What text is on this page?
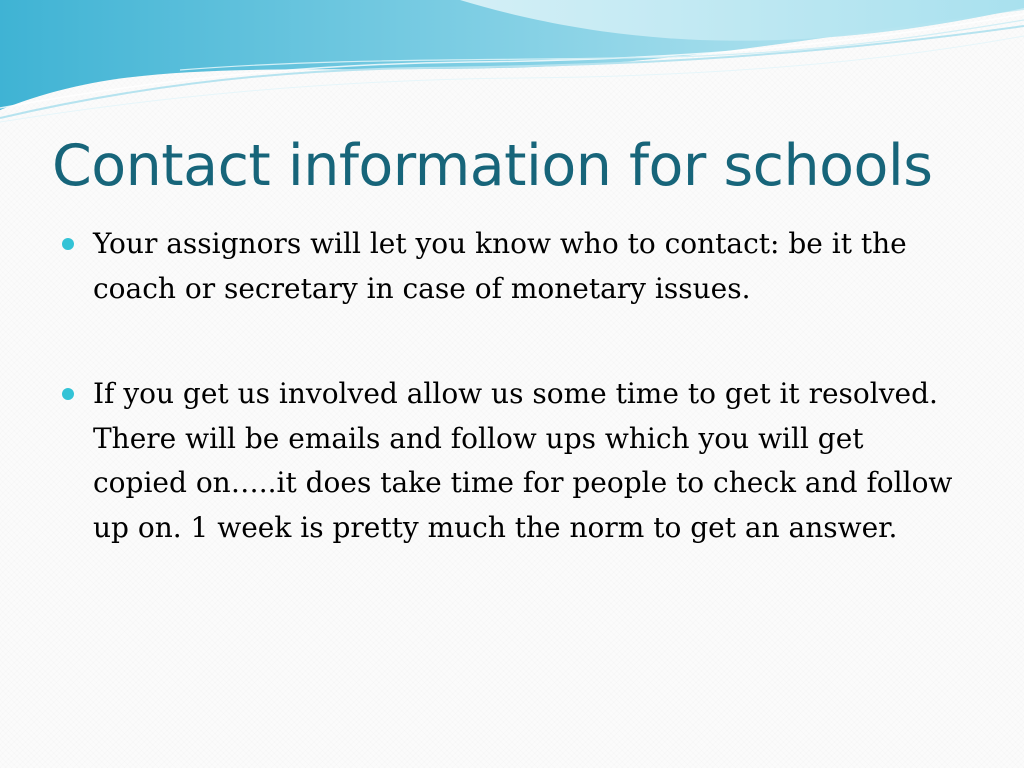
Contact information for schools
Your assignors will let you know who to contact: be it the coach or secretary in case of monetary issues.
If you get us involved allow us some time to get it resolved. There will be emails and follow ups which you will get copied on…..it does take time for people to check and follow up on. 1 week is pretty much the norm to get an answer.
